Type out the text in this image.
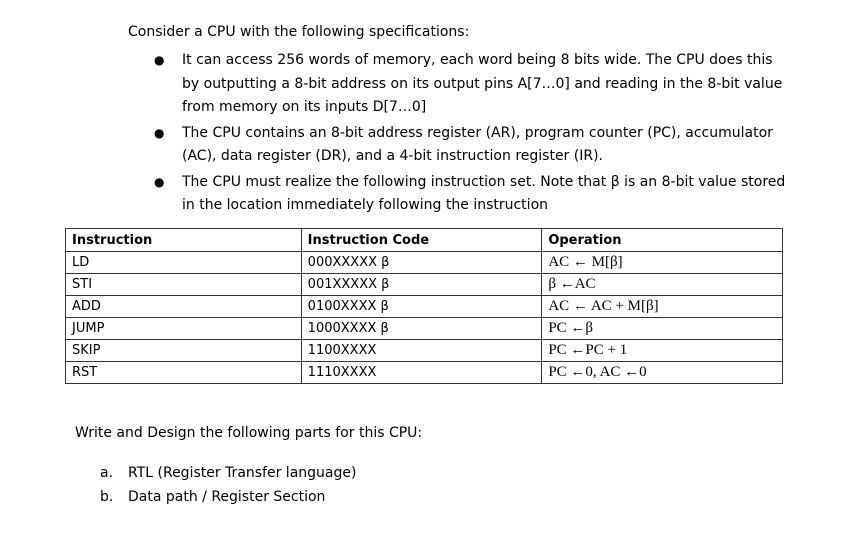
Consider a CPU with the following specifications:
● It can access 256 words of memory, each word being 8 bits wide. The CPU does this by outputting a 8-bit address on its output pins A[7…0] and reading in the 8-bit value from memory on its inputs D[7…0]
● The CPU contains an 8-bit address register (AR), program counter (PC), accumulator (AC), data register (DR), and a 4-bit instruction register (IR).
● The CPU must realize the following instruction set. Note that β is an 8-bit value stored in the location immediately following the instruction
Instruction	Instruction Code	Operation
LD	000XXXXX β	AC ← M[β]
STI	001XXXXX β	β ←AC
ADD	0100XXXX β	AC ← AC + M[β]
JUMP	1000XXXX β	PC ←β
SKIP	1100XXXX	PC ←PC + 1
RST	1110XXXX	PC ←0, AC ←0
Write and Design the following parts for this CPU:
a. RTL (Register Transfer language)
b. Data path / Register Section
